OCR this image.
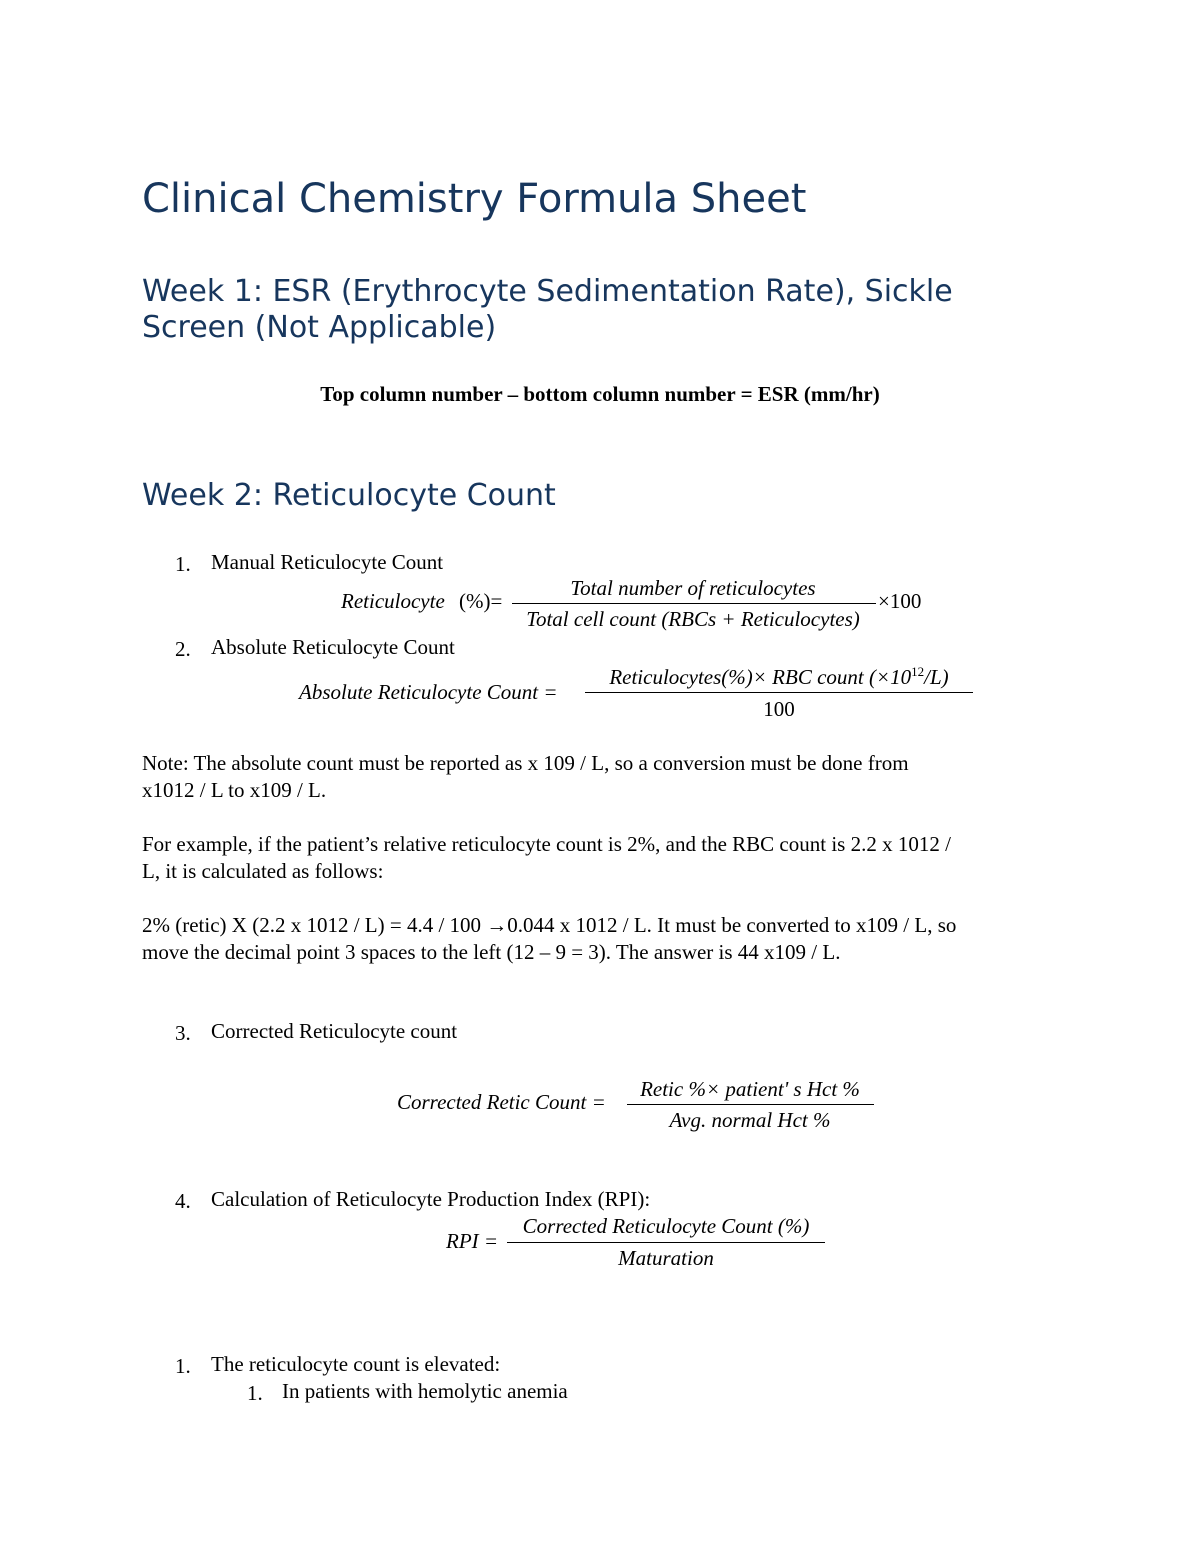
Clinical Chemistry Formula Sheet
Week 1: ESR (Erythrocyte Sedimentation Rate), Sickle
Screen (Not Applicable)
Top column number – bottom column number = ESR (mm/hr)
Week 2: Reticulocyte Count
1. Manual Reticulocyte Count
Reticulocyte (%)=
Total number of reticulocytes
Total cell count (RBCs + Reticulocytes)
×100
2. Absolute Reticulocyte Count
Absolute Reticulocyte Count =
Reticulocytes(%)× RBC count $(\times 10^{12}/L)$
100
Note: The absolute count must be reported as x 109 / L, so a conversion must be done from
x1012 / L to x109 / L.
For example, if the patient’s relative reticulocyte count is 2%, and the RBC count is 2.2 x 1012 /
L, it is calculated as follows:
2% (retic) X (2.2 x 1012 / L) = 4.4 / 100 →0.044 x 1012 / L. It must be converted to x109 / L, so
move the decimal point 3 spaces to the left (12 – 9 = 3). The answer is 44 x109 / L.
3. Corrected Reticulocyte count
Corrected Retic Count =
Retic %× patient' s Hct %
Avg. normal Hct %
4. Calculation of Reticulocyte Production Index (RPI):
RPI =
Corrected Reticulocyte Count (%)
Maturation
1. The reticulocyte count is elevated:
1. In patients with hemolytic anemia
